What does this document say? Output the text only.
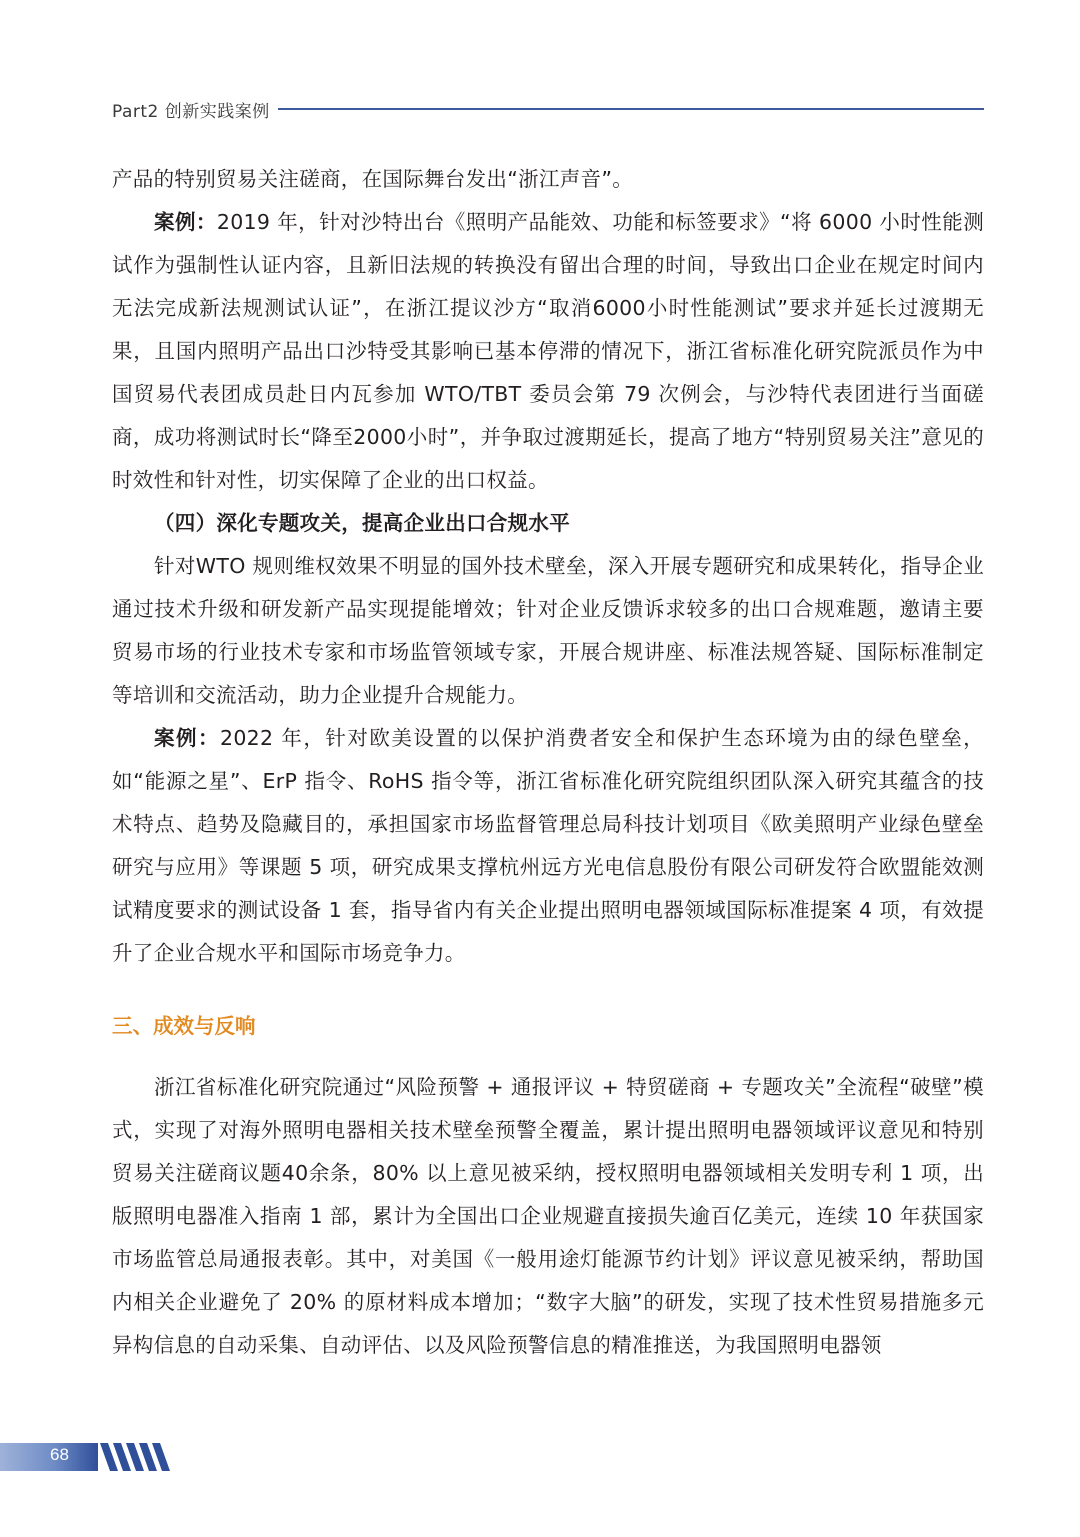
Part2 创新实践案例

产品的特别贸易关注磋商，在国际舞台发出“浙江声音”。

案例：2019 年，针对沙特出台《照明产品能效、功能和标签要求》“将 6000 小时性能测试作为强制性认证内容，且新旧法规的转换没有留出合理的时间，导致出口企业在规定时间内无法完成新法规测试认证”，在浙江提议沙方“取消6000小时性能测试”要求并延长过渡期无果，且国内照明产品出口沙特受其影响已基本停滞的情况下，浙江省标准化研究院派员作为中国贸易代表团成员赴日内瓦参加 WTO/TBT 委员会第 79 次例会，与沙特代表团进行当面磋商，成功将测试时长“降至2000小时”，并争取过渡期延长，提高了地方“特别贸易关注”意见的时效性和针对性，切实保障了企业的出口权益。

（四）深化专题攻关，提高企业出口合规水平

针对WTO 规则维权效果不明显的国外技术壁垒，深入开展专题研究和成果转化，指导企业通过技术升级和研发新产品实现提能增效；针对企业反馈诉求较多的出口合规难题，邀请主要贸易市场的行业技术专家和市场监管领域专家，开展合规讲座、标准法规答疑、国际标准制定等培训和交流活动，助力企业提升合规能力。

案例：2022 年，针对欧美设置的以保护消费者安全和保护生态环境为由的绿色壁垒，如“能源之星”、ErP 指令、RoHS 指令等，浙江省标准化研究院组织团队深入研究其蕴含的技术特点、趋势及隐藏目的，承担国家市场监督管理总局科技计划项目《欧美照明产业绿色壁垒研究与应用》等课题 5 项，研究成果支撑杭州远方光电信息股份有限公司研发符合欧盟能效测试精度要求的测试设备 1 套，指导省内有关企业提出照明电器领域国际标准提案 4 项，有效提升了企业合规水平和国际市场竞争力。

三、成效与反响

浙江省标准化研究院通过“风险预警 + 通报评议 + 特贸磋商 + 专题攻关”全流程“破壁”模式，实现了对海外照明电器相关技术壁垒预警全覆盖，累计提出照明电器领域评议意见和特别贸易关注磋商议题40余条，80% 以上意见被采纳，授权照明电器领域相关发明专利 1 项，出版照明电器准入指南 1 部，累计为全国出口企业规避直接损失逾百亿美元，连续 10 年获国家市场监管总局通报表彰。其中，对美国《一般用途灯能源节约计划》评议意见被采纳，帮助国内相关企业避免了 20% 的原材料成本增加；“数字大脑”的研发，实现了技术性贸易措施多元异构信息的自动采集、自动评估、以及风险预警信息的精准推送，为我国照明电器领

68
